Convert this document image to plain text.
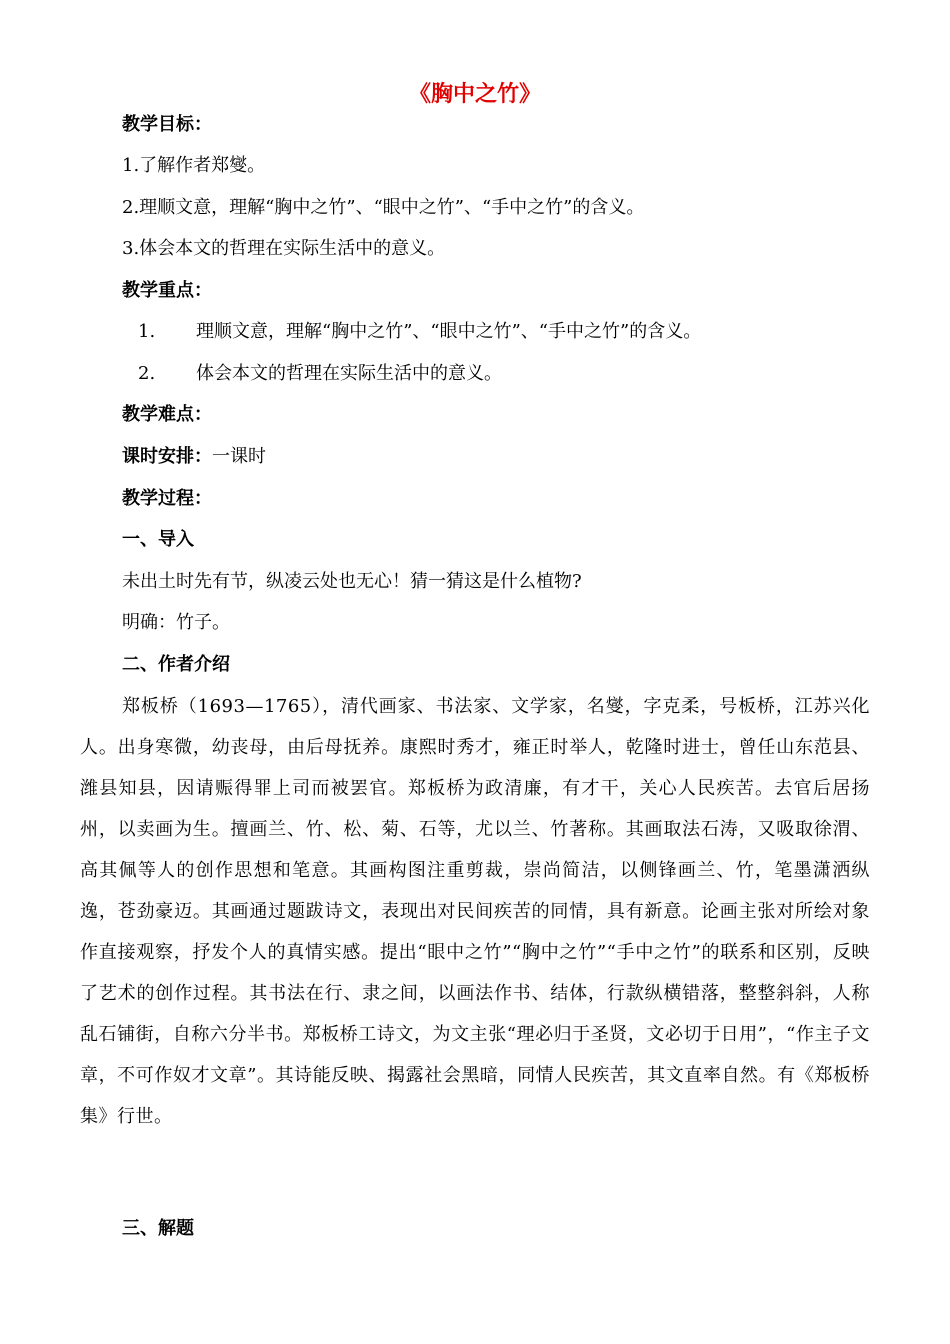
《胸中之竹》
教学目标：
1.了解作者郑燮。
2.理顺文意，理解“胸中之竹”、“眼中之竹”、“手中之竹”的含义。
3.体会本文的哲理在实际生活中的意义。
教学重点：
1. 理顺文意，理解“胸中之竹”、“眼中之竹”、“手中之竹”的含义。
2. 体会本文的哲理在实际生活中的意义。
教学难点：
课时安排：一课时
教学过程：
一、导入
未出土时先有节，纵凌云处也无心！猜一猜这是什么植物?
明确：竹子。
二、作者介绍
郑板桥（1693—1765），清代画家、书法家、文学家，名燮，字克柔，号板桥，江苏兴化人。出身寒微，幼丧母，由后母抚养。康熙时秀才，雍正时举人，乾隆时进士，曾任山东范县、潍县知县，因请赈得罪上司而被罢官。郑板桥为政清廉，有才干，关心人民疾苦。去官后居扬州，以卖画为生。擅画兰、竹、松、菊、石等，尤以兰、竹著称。其画取法石涛，又吸取徐渭、高其佩等人的创作思想和笔意。其画构图注重剪裁，崇尚简洁，以侧锋画兰、竹，笔墨潇洒纵逸，苍劲豪迈。其画通过题跋诗文，表现出对民间疾苦的同情，具有新意。论画主张对所绘对象作直接观察，抒发个人的真情实感。提出“眼中之竹”“胸中之竹”“手中之竹”的联系和区别，反映了艺术的创作过程。其书法在行、隶之间，以画法作书、结体，行款纵横错落，整整斜斜，人称乱石铺街，自称六分半书。郑板桥工诗文，为文主张“理必归于圣贤，文必切于日用”，“作主子文章，不可作奴才文章”。其诗能反映、揭露社会黑暗，同情人民疾苦，其文直率自然。有《郑板桥集》行世。
三、解题
